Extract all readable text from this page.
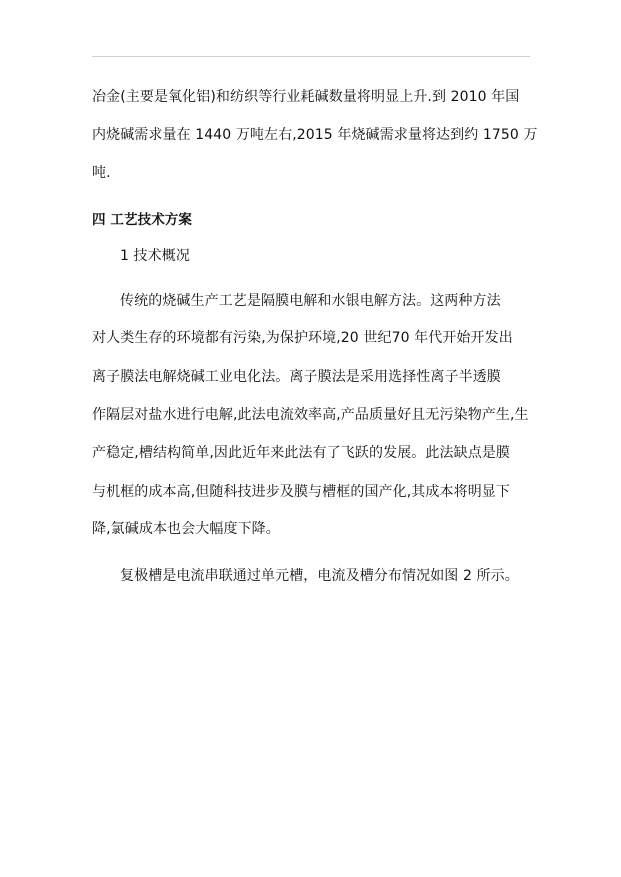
冶金(主要是氧化铝)和纺织等行业耗碱数量将明显上升.到 2010 年国
内烧碱需求量在 1440 万吨左右,2015 年烧碱需求量将达到约 1750 万
吨.
四 工艺技术方案
1 技术概况
传统的烧碱生产工艺是隔膜电解和水银电解方法。这两种方法
对人类生存的环境都有污染,为保护环境,20 世纪70 年代开始开发出
离子膜法电解烧碱工业电化法。离子膜法是采用选择性离子半透膜
作隔层对盐水进行电解,此法电流效率高,产品质量好且无污染物产生,生
产稳定,槽结构简单,因此近年来此法有了飞跃的发展。此法缺点是膜
与机框的成本高,但随科技进步及膜与槽框的国产化,其成本将明显下
降,氯碱成本也会大幅度下降。
复极槽是电流串联通过单元槽，电流及槽分布情况如图 2 所示。
